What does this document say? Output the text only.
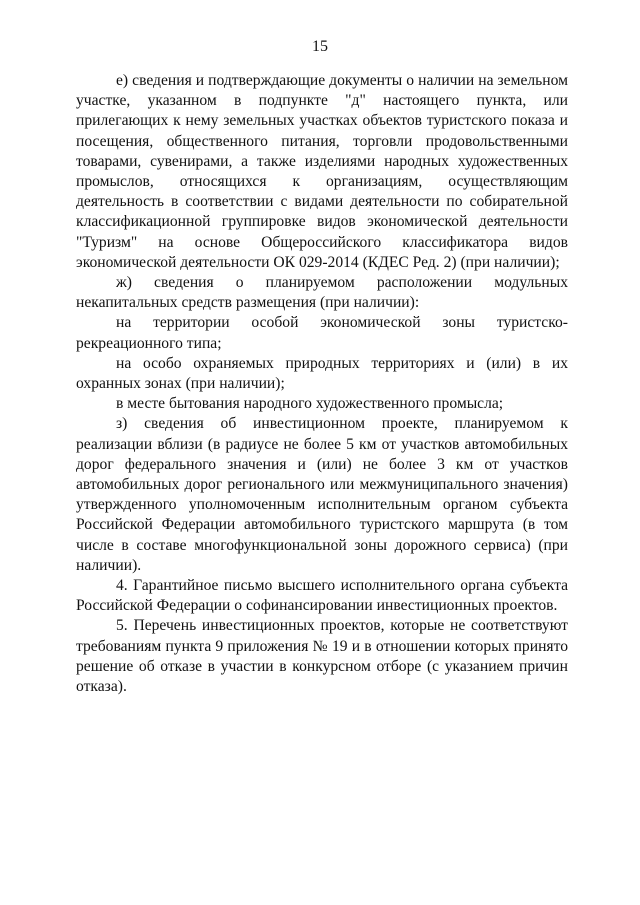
15

е) сведения и подтверждающие документы о наличии на земельном участке, указанном в подпункте "д" настоящего пункта, или прилегающих к нему земельных участках объектов туристского показа и посещения, общественного питания, торговли продовольственными товарами, сувенирами, а также изделиями народных художественных промыслов, относящихся к организациям, осуществляющим деятельность в соответствии с видами деятельности по собирательной классификационной группировке видов экономической деятельности "Туризм" на основе Общероссийского классификатора видов экономической деятельности ОК 029-2014 (КДЕС Ред. 2) (при наличии);

ж) сведения о планируемом расположении модульных некапитальных средств размещения (при наличии):

на территории особой экономической зоны туристско-рекреационного типа;

на особо охраняемых природных территориях и (или) в их охранных зонах (при наличии);

в месте бытования народного художественного промысла;

з) сведения об инвестиционном проекте, планируемом к реализации вблизи (в радиусе не более 5 км от участков автомобильных дорог федерального значения и (или) не более 3 км от участков автомобильных дорог регионального или межмуниципального значения) утвержденного уполномоченным исполнительным органом субъекта Российской Федерации автомобильного туристского маршрута (в том числе в составе многофункциональной зоны дорожного сервиса) (при наличии).

4. Гарантийное письмо высшего исполнительного органа субъекта Российской Федерации о софинансировании инвестиционных проектов.

5. Перечень инвестиционных проектов, которые не соответствуют требованиям пункта 9 приложения № 19 и в отношении которых принято решение об отказе в участии в конкурсном отборе (с указанием причин отказа).
